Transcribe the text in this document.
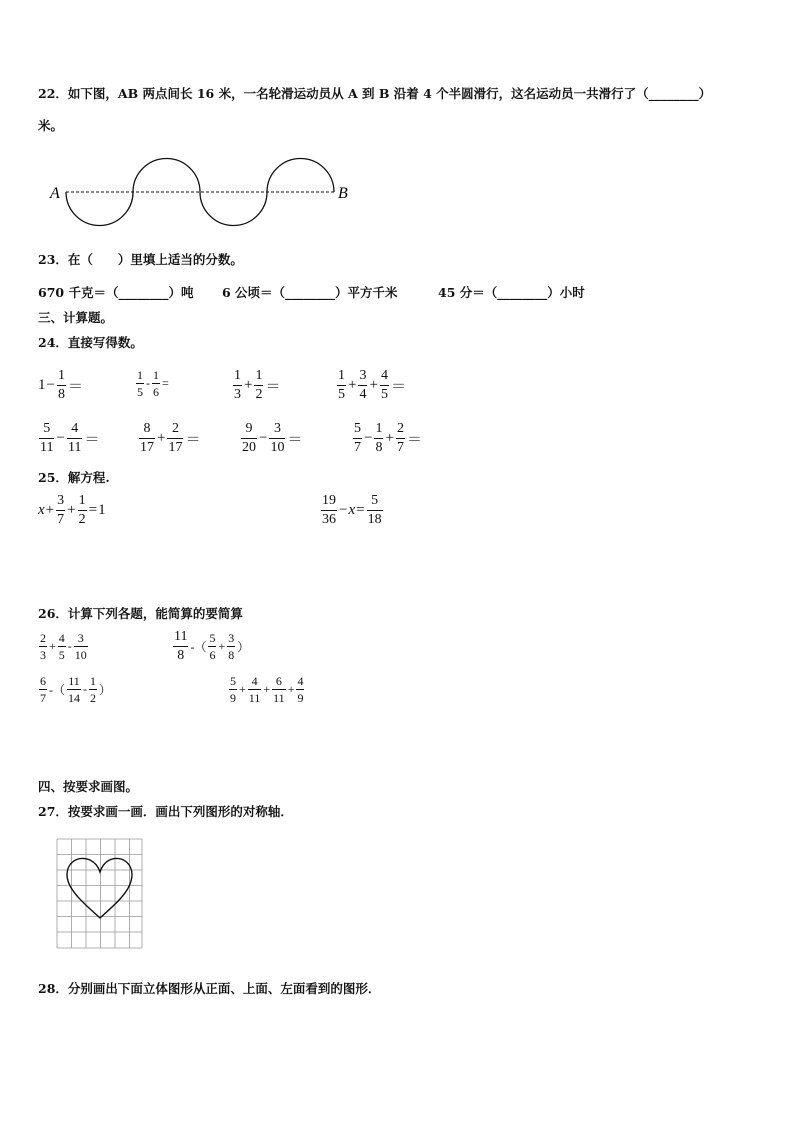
22．如下图，AB 两点间长 16 米，一名轮滑运动员从 A 到 B 沿着 4 个半圆滑行，这名运动员一共滑行了（________）
米。
A	B
23．在（　　）里填上适当的分数。
670 千克＝（________）吨 6 公顷＝（________）平方千米	45 分＝（________）小时
三、计算题。
24．直接写得数。
$1 - \frac{1}{8}$ ＝	$\frac{1}{5} - \frac{1}{6}$ =	$\frac{1}{3} + \frac{1}{2}$ ＝	$\frac{1}{5} + \frac{3}{4} + \frac{4}{5}$ ＝
$\frac{5}{11} - \frac{4}{11}$ ＝	$\frac{8}{17} + \frac{2}{17}$ ＝	$\frac{9}{20} - \frac{3}{10}$ ＝	$\frac{5}{7} - \frac{1}{8} + \frac{2}{7}$ ＝
25．解方程.
$x + \frac{3}{7} + \frac{1}{2} = 1$	$\frac{19}{36} - x = \frac{5}{18}$
26．计算下列各题，能简算的要简算
$\frac{2}{3} + \frac{4}{5} - \frac{3}{10}$	$\frac{11}{8}$ -（ $\frac{5}{6} + \frac{3}{8}$ ）
$\frac{6}{7}$ -（ $\frac{11}{14} - \frac{1}{2}$ ）	$\frac{5}{9} + \frac{4}{11} + \frac{6}{11} + \frac{4}{9}$
四、按要求画图。
27．按要求画一画．画出下列图形的对称轴．
28．分别画出下面立体图形从正面、上面、左面看到的图形．
